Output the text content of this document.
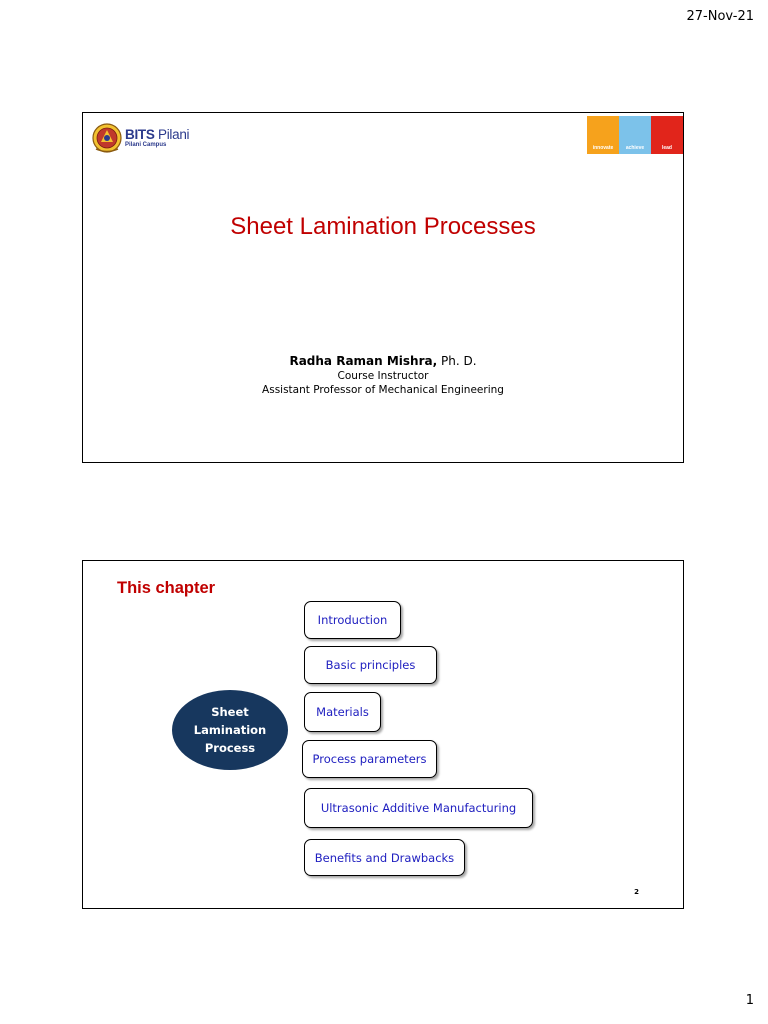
27-Nov-21
BITS Pilani
Pilani Campus	innovate	achieve	lead
Sheet Lamination Processes
Radha Raman Mishra, Ph. D.
Course Instructor
Assistant Professor of Mechanical Engineering
This chapter
Sheet
Lamination
Process
Introduction
Basic principles
Materials
Process parameters
Ultrasonic Additive Manufacturing
Benefits and Drawbacks
2
1
